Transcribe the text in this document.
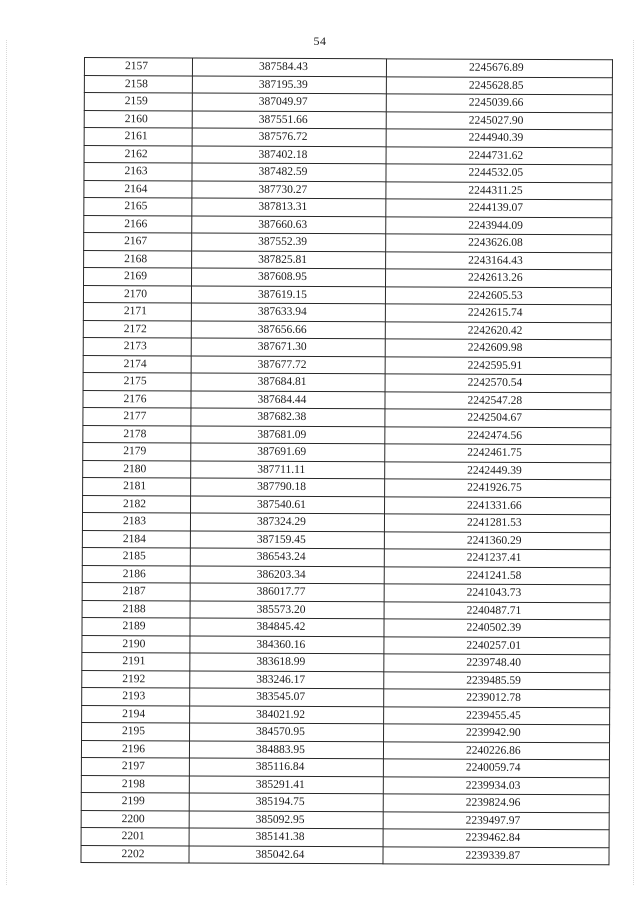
54
2157	387584.43	2245676.89
2158	387195.39	2245628.85
2159	387049.97	2245039.66
2160	387551.66	2245027.90
2161	387576.72	2244940.39
2162	387402.18	2244731.62
2163	387482.59	2244532.05
2164	387730.27	2244311.25
2165	387813.31	2244139.07
2166	387660.63	2243944.09
2167	387552.39	2243626.08
2168	387825.81	2243164.43
2169	387608.95	2242613.26
2170	387619.15	2242605.53
2171	387633.94	2242615.74
2172	387656.66	2242620.42
2173	387671.30	2242609.98
2174	387677.72	2242595.91
2175	387684.81	2242570.54
2176	387684.44	2242547.28
2177	387682.38	2242504.67
2178	387681.09	2242474.56
2179	387691.69	2242461.75
2180	387711.11	2242449.39
2181	387790.18	2241926.75
2182	387540.61	2241331.66
2183	387324.29	2241281.53
2184	387159.45	2241360.29
2185	386543.24	2241237.41
2186	386203.34	2241241.58
2187	386017.77	2241043.73
2188	385573.20	2240487.71
2189	384845.42	2240502.39
2190	384360.16	2240257.01
2191	383618.99	2239748.40
2192	383246.17	2239485.59
2193	383545.07	2239012.78
2194	384021.92	2239455.45
2195	384570.95	2239942.90
2196	384883.95	2240226.86
2197	385116.84	2240059.74
2198	385291.41	2239934.03
2199	385194.75	2239824.96
2200	385092.95	2239497.97
2201	385141.38	2239462.84
2202	385042.64	2239339.87
